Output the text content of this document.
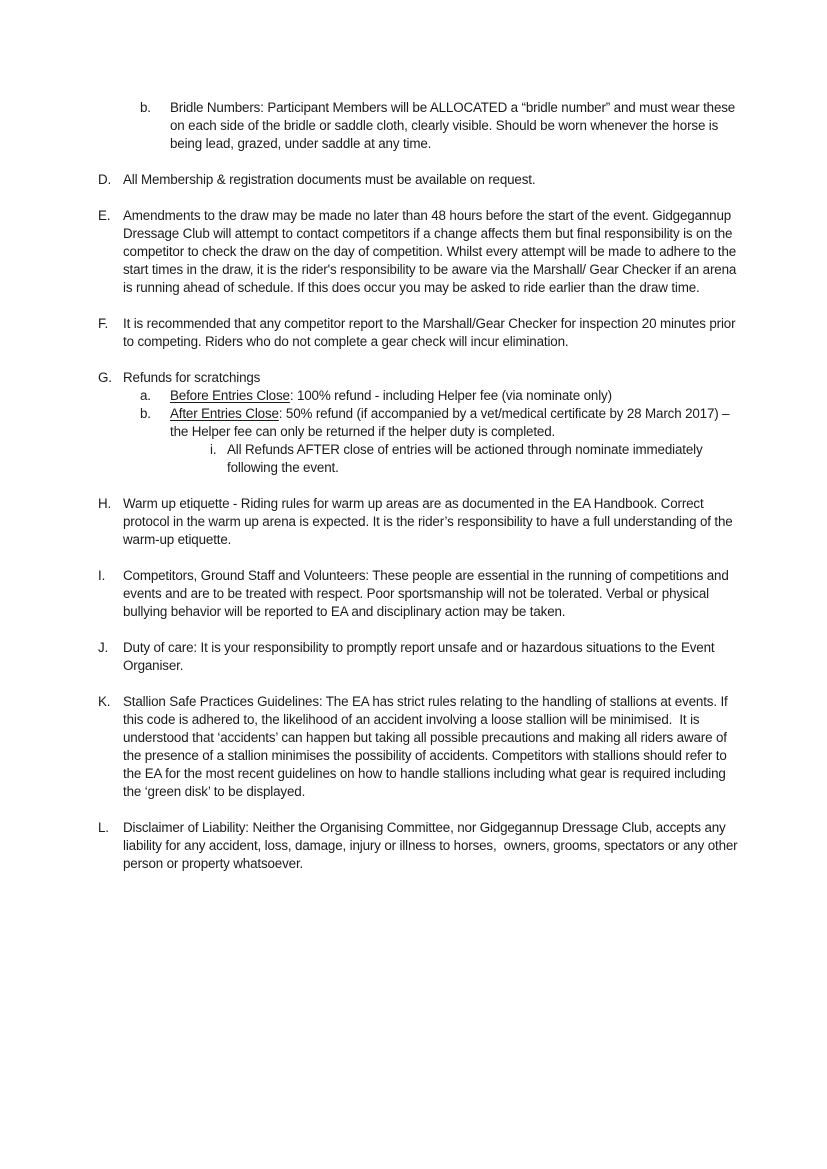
b. Bridle Numbers: Participant Members will be ALLOCATED a “bridle number” and must wear these on each side of the bridle or saddle cloth, clearly visible. Should be worn whenever the horse is being lead, grazed, under saddle at any time.
D. All Membership & registration documents must be available on request.
E. Amendments to the draw may be made no later than 48 hours before the start of the event. Gidgegannup Dressage Club will attempt to contact competitors if a change affects them but final responsibility is on the competitor to check the draw on the day of competition. Whilst every attempt will be made to adhere to the start times in the draw, it is the rider's responsibility to be aware via the Marshall/ Gear Checker if an arena is running ahead of schedule. If this does occur you may be asked to ride earlier than the draw time.
F. It is recommended that any competitor report to the Marshall/Gear Checker for inspection 20 minutes prior to competing. Riders who do not complete a gear check will incur elimination.
G. Refunds for scratchings
a. Before Entries Close: 100% refund - including Helper fee (via nominate only)
b. After Entries Close: 50% refund (if accompanied by a vet/medical certificate by 28 March 2017) – the Helper fee can only be returned if the helper duty is completed.
i. All Refunds AFTER close of entries will be actioned through nominate immediately following the event.
H. Warm up etiquette - Riding rules for warm up areas are as documented in the EA Handbook. Correct protocol in the warm up arena is expected. It is the rider’s responsibility to have a full understanding of the warm-up etiquette.
I. Competitors, Ground Staff and Volunteers: These people are essential in the running of competitions and events and are to be treated with respect. Poor sportsmanship will not be tolerated. Verbal or physical bullying behavior will be reported to EA and disciplinary action may be taken.
J. Duty of care: It is your responsibility to promptly report unsafe and or hazardous situations to the Event Organiser.
K. Stallion Safe Practices Guidelines: The EA has strict rules relating to the handling of stallions at events. If this code is adhered to, the likelihood of an accident involving a loose stallion will be minimised.  It is understood that ‘accidents’ can happen but taking all possible precautions and making all riders aware of the presence of a stallion minimises the possibility of accidents. Competitors with stallions should refer to the EA for the most recent guidelines on how to handle stallions including what gear is required including the ‘green disk’ to be displayed.
L. Disclaimer of Liability: Neither the Organising Committee, nor Gidgegannup Dressage Club, accepts any liability for any accident, loss, damage, injury or illness to horses,  owners, grooms, spectators or any other person or property whatsoever.
